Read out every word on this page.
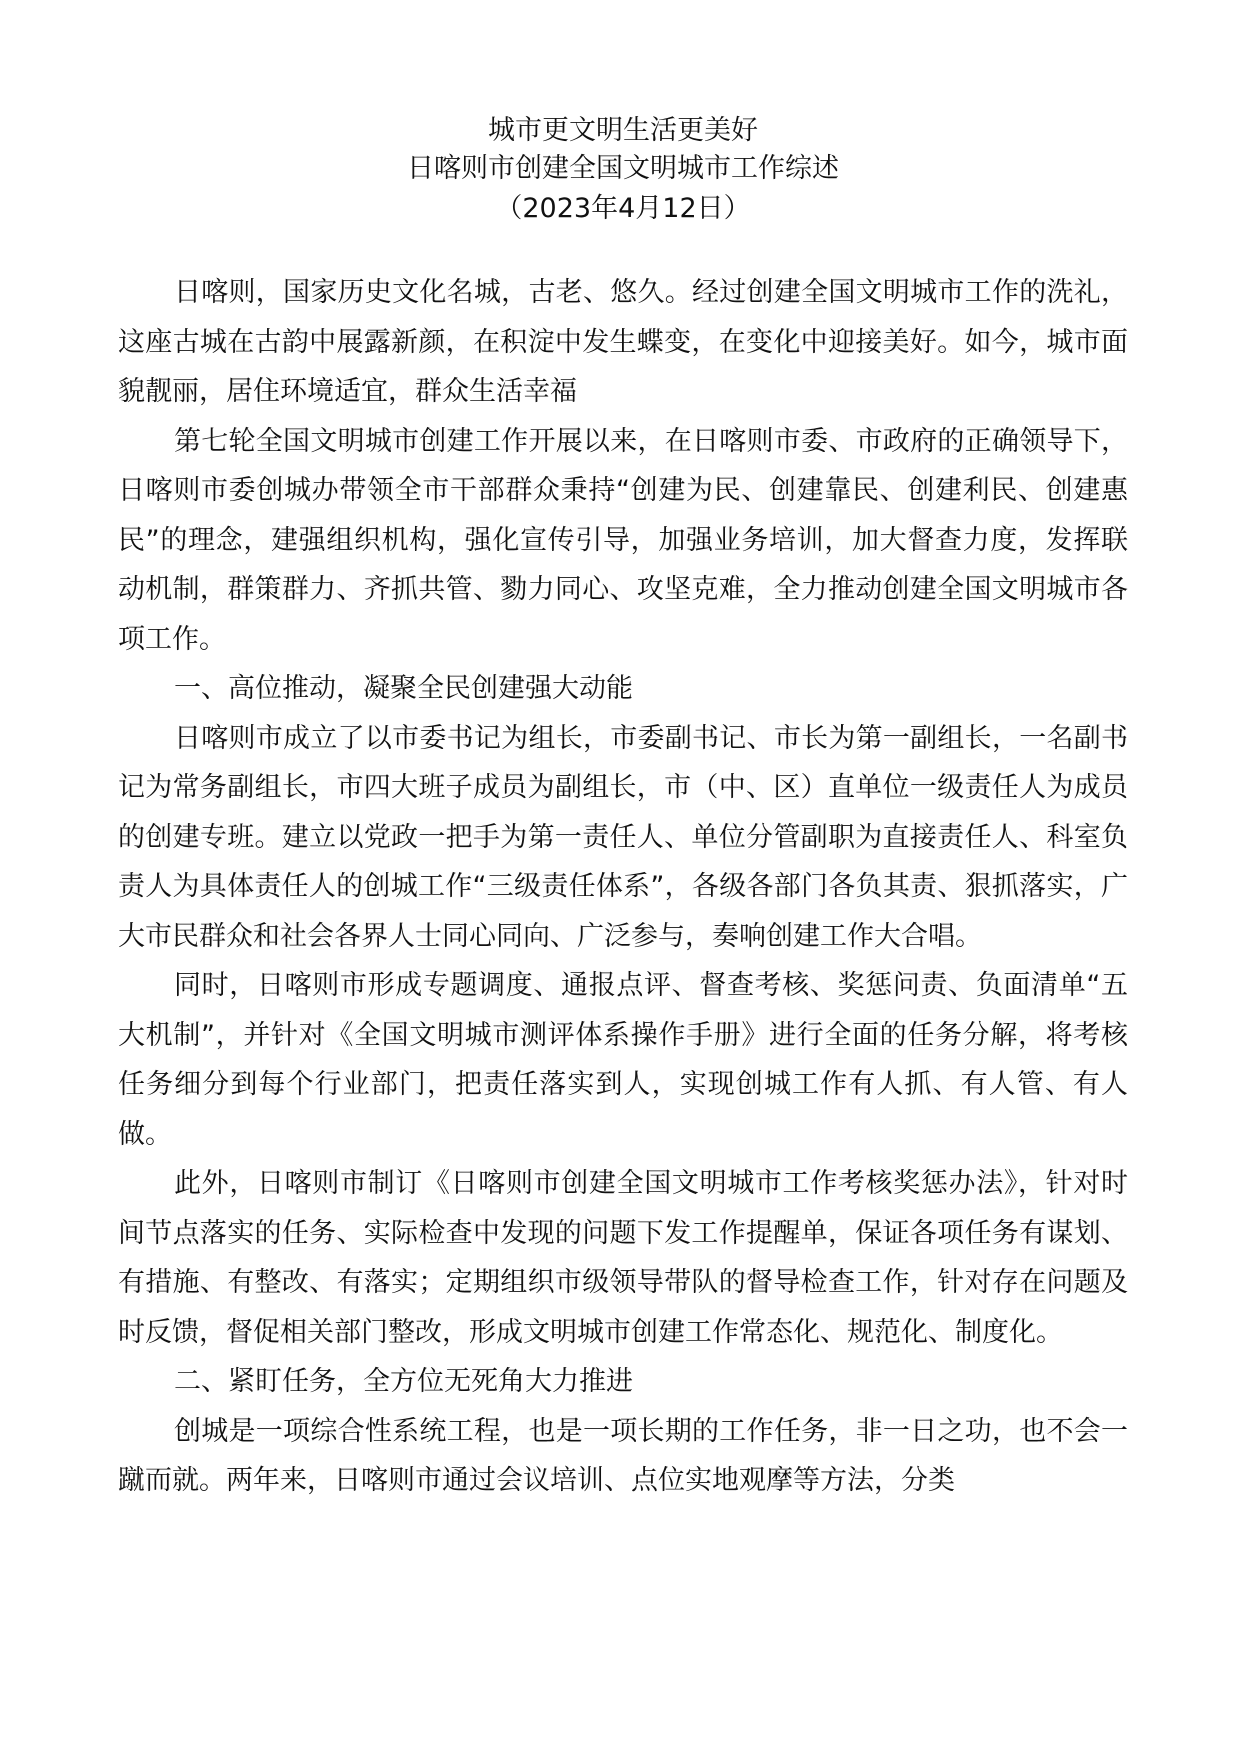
城市更文明生活更美好
日喀则市创建全国文明城市工作综述
（2023年4月12日）

日喀则，国家历史文化名城，古老、悠久。经过创建全国文明城市工作的洗礼，这座古城在古韵中展露新颜，在积淀中发生蝶变，在变化中迎接美好。如今，城市面貌靓丽，居住环境适宜，群众生活幸福

第七轮全国文明城市创建工作开展以来，在日喀则市委、市政府的正确领导下，日喀则市委创城办带领全市干部群众秉持“创建为民、创建靠民、创建利民、创建惠民”的理念，建强组织机构，强化宣传引导，加强业务培训，加大督查力度，发挥联动机制，群策群力、齐抓共管、勠力同心、攻坚克难，全力推动创建全国文明城市各项工作。

一、高位推动，凝聚全民创建强大动能

日喀则市成立了以市委书记为组长，市委副书记、市长为第一副组长，一名副书记为常务副组长，市四大班子成员为副组长，市（中、区）直单位一级责任人为成员的创建专班。建立以党政一把手为第一责任人、单位分管副职为直接责任人、科室负责人为具体责任人的创城工作“三级责任体系”，各级各部门各负其责、狠抓落实，广大市民群众和社会各界人士同心同向、广泛参与，奏响创建工作大合唱。

同时，日喀则市形成专题调度、通报点评、督查考核、奖惩问责、负面清单“五大机制”，并针对《全国文明城市测评体系操作手册》进行全面的任务分解，将考核任务细分到每个行业部门，把责任落实到人，实现创城工作有人抓、有人管、有人做。

此外，日喀则市制订《日喀则市创建全国文明城市工作考核奖惩办法》，针对时间节点落实的任务、实际检查中发现的问题下发工作提醒单，保证各项任务有谋划、有措施、有整改、有落实；定期组织市级领导带队的督导检查工作，针对存在问题及时反馈，督促相关部门整改，形成文明城市创建工作常态化、规范化、制度化。

二、紧盯任务，全方位无死角大力推进

创城是一项综合性系统工程，也是一项长期的工作任务，非一日之功，也不会一蹴而就。两年来，日喀则市通过会议培训、点位实地观摩等方法，分类
